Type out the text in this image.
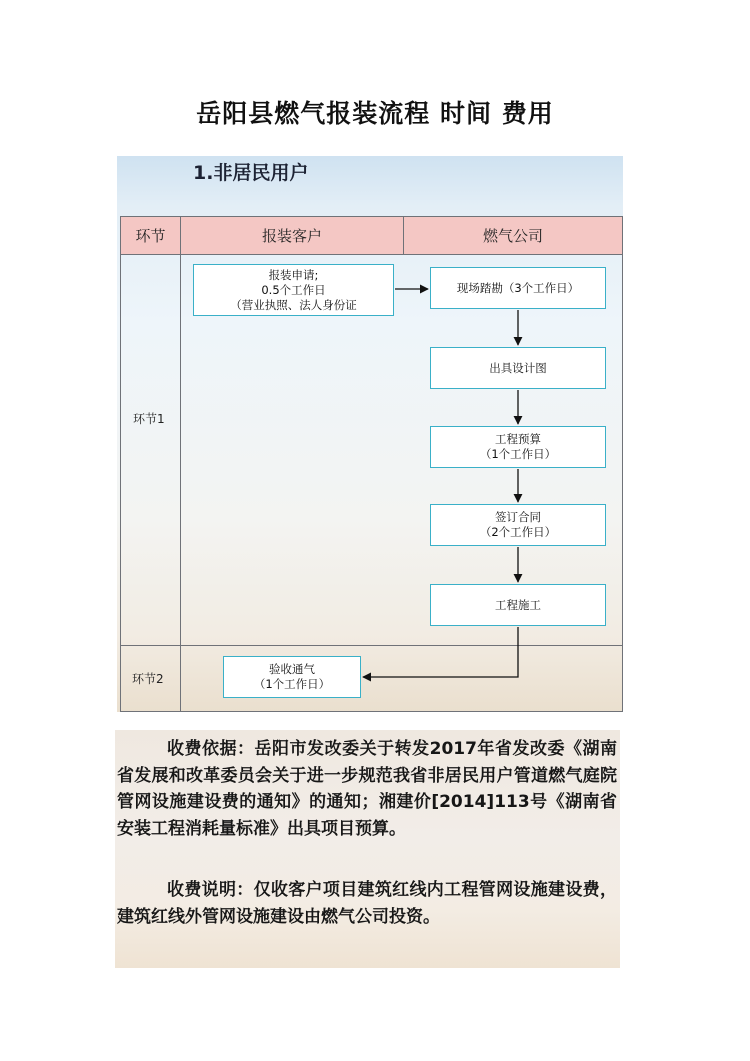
岳阳县燃气报装流程 时间 费用
1.非居民用户
环节	报装客户	燃气公司
环节1
环节2
报装申请;
0.5个工作日
（营业执照、法人身份证
现场踏勘（3个工作日）
出具设计图
工程预算
（1个工作日）
签订合同
（2个工作日）
工程施工
验收通气
（1个工作日）
收费依据：岳阳市发改委关于转发2017年省发改委《湖南省发展和改革委员会关于进一步规范我省非居民用户管道燃气庭院管网设施建设费的通知》的通知；湘建价[2014]113号《湖南省安装工程消耗量标准》出具项目预算。
收费说明：仅收客户项目建筑红线内工程管网设施建设费，建筑红线外管网设施建设由燃气公司投资。
